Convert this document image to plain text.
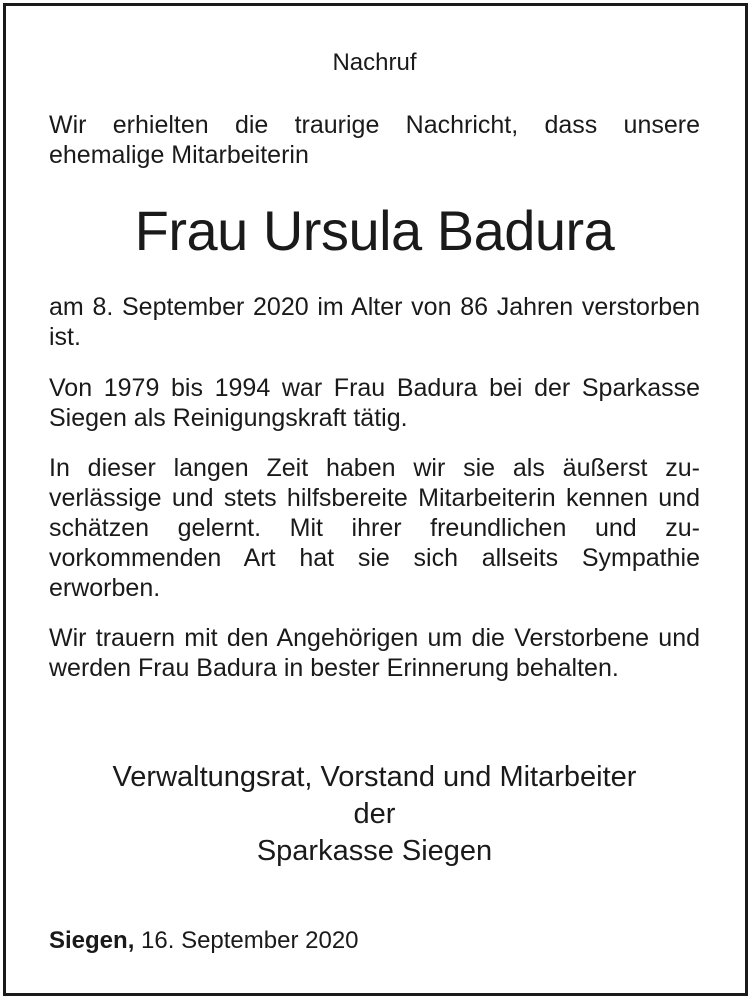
Nachruf

Wir erhielten die traurige Nachricht, dass unsere ehemalige Mitarbeiterin

Frau Ursula Badura

am 8. September 2020 im Alter von 86 Jahren verstorben ist.

Von 1979 bis 1994 war Frau Badura bei der Sparkasse Siegen als Reinigungskraft tätig.

In dieser langen Zeit haben wir sie als äußerst zuverlässige und stets hilfsbereite Mitarbeiterin kennen und schätzen gelernt. Mit ihrer freundlichen und zuvorkommenden Art hat sie sich allseits Sympathie erworben.

Wir trauern mit den Angehörigen um die Verstorbene und werden Frau Badura in bester Erinnerung behalten.

Verwaltungsrat, Vorstand und Mitarbeiter
der
Sparkasse Siegen
Siegen, 16. September 2020
